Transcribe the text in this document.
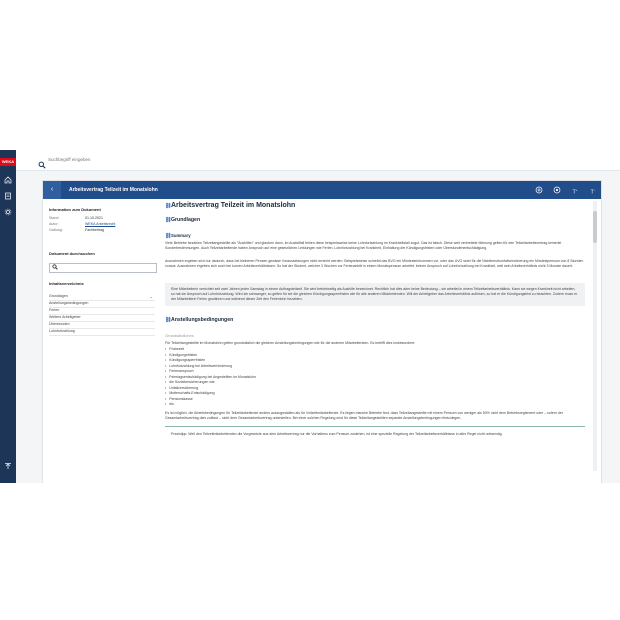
WEKA
Suchbegriff eingeben
‹	Arbeitsvertrag Teilzeit im Monatslohn	T+	T−
Information zum Dokument
Stand:	01.10.2021
Autor:	WEKA Arbeitsrecht
Gattung:	Fachbeitrag
Dokument durchsuchen
Inhaltsverzeichnis
Grundlagen	⌄
Anstellungsbedingungen
Ferien
Weitere Arbeitgeber
Überstunden
Lohnfortzahlung
⛓Arbeitsvertrag Teilzeit im Monatslohn
⛓Grundlagen
⛓Summary
Viele Betriebe bezahlen Teilzeitangestellte als "Aushilfen" und glauben dann, im Ausfallfall fehlen diese beispielsweise keine Lohnfortzahlung im Krankheitsfall zugut. Das ist falsch. Diese weit verbreitete Meinung gelten für den Teilzeitarbeitsvertrag keinerlei Sonderbestimmungen. Auch Teilzeitarbeitende haben Anspruch auf eine gesetzlichen Leistungen wie Ferien, Lohnfortzahlung bei Krankheit, Einhaltung der Kündigungsfristen oder Überstundenentschädigung.
Ausnahmen ergeben sich nur dadurch, dass bei kleineren Pensen gewisse Voraussetzungen nicht erreicht werden. Beispielsweise schreibt das BVG ein Mindesteinkommen vor, oder das UVG setzt für die Nichtberufsunfallversicherung ein Mindestpensum von 8 Stunden voraus. Ausnahmen ergeben sich auch bei kurzen Arbeitsverhältnissen: So hat der Student, welcher 3 Wochen vor Ferienantritt in einem Monatspensum arbeitet, keinen Anspruch auf Lohnfortzahlung bei Krankheit, weil sein Arbeitsverhältnis nicht 3 Monate dauert.
Eine Mitarbeiterin verrichtet seit zwei Jahren jeden Samstag in einem Auftragsteilzeit. Sie wird betriebseitig als Aushilfe bezeichnet. Rechtlich hat dies aber keine Bedeutung – sie arbeitet in einem Teilzeitarbeitsverhältnis. Kann sie wegen Krankheit nicht arbeiten, so hat sie Anspruch auf Lohnfortzahlung. Wird sie schwanger, so gelten für sie die gleichen Kündigungssperrfristen wie für alle anderen Mitarbeitenden. Will der Arbeitgeber das Arbeitsverhältnis auflösen, so hat er die Kündigungsfrist zu beachten. Zudem muss er der Mitarbeiterin Ferien gewähren und während dieser Zeit den Ferienlohn bezahlen.
⛓Anstellungsbedingungen
Grundsätzliches
Für Teilzeitangestellte im Monatslohn gelten grundsätzlich die gleichen Anstellungsbedingungen wie für die anderen Mitarbeitenden. Es betrifft dies insbesondere:
• Probezeit
• Kündigungsfristen
• Kündigungssperrfristen
• Lohnfortzahlung bei Arbeitsverhinderung
• Ferienanspruch
• Feiertagsentschädigung bei Angestellten im Monatslohn
• die Sozialversicherungen wie
• Unfallversicherung
• Mutterschafts-Entschädigung
• Pensionskasse
• etc.
Es ist möglich, die Arbeitsbedingungen für Teilzeitarbeitende anders auszugestalten als für Vollzeitmitarbeitende. Es liegen manche Betriebe fest, dass Teilzeitangestellte mit einem Pensum von weniger als 50% nicht dem Betriebsreglement oder – sofern der Gesamtarbeitsvertrag dies zulässt – nicht dem Gesamtarbeitsvertrag unterstellen. Bei einer solchen Regelung sind für diese Teilzeitangestellten separate Anstellungsbedingungen festzulegen.
Praxistipp: Weil den Teilzeitmitarbeitenden die Vorgesetzte aus dem Arbeitsvertrag nur die Vorhaltens zum Pensum zustehen, ist eine spezielle Regelung der Teilzeitarbeitsverhältnisse in aller Regel nicht notwendig.
